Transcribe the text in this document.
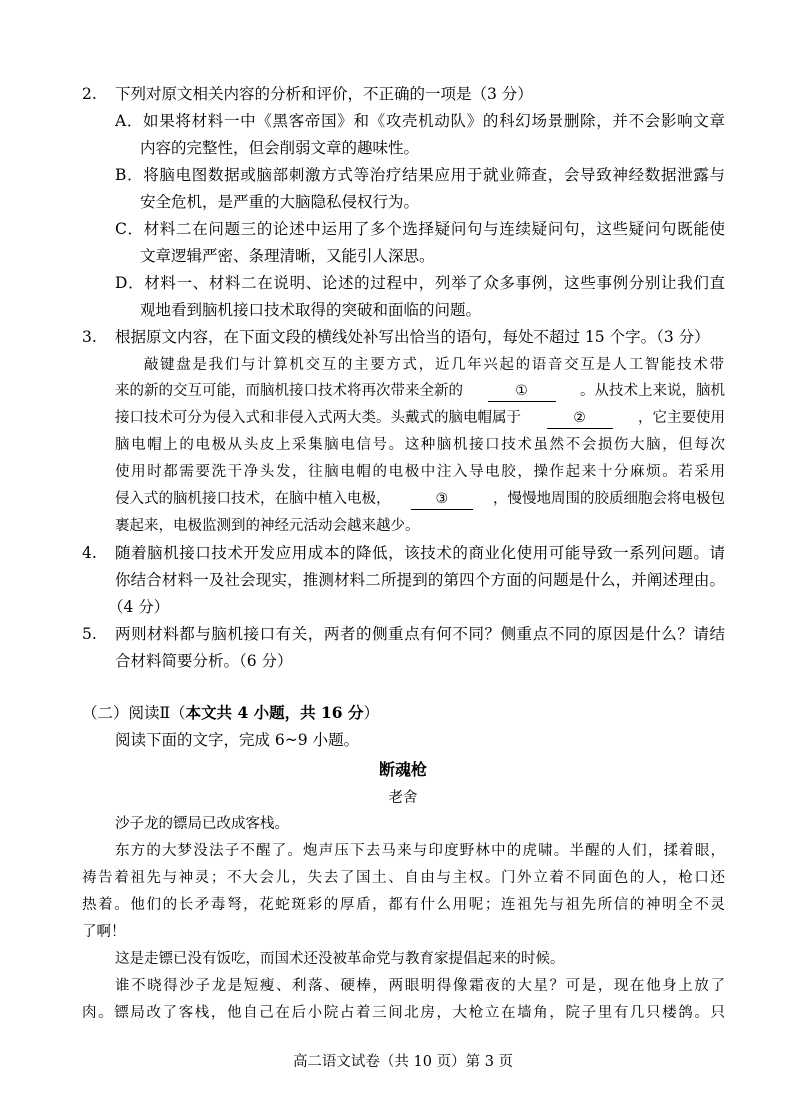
2. 下列对原文相关内容的分析和评价，不正确的一项是（3 分）
A．如果将材料一中《黑客帝国》和《攻壳机动队》的科幻场景删除，并不会影响文章
内容的完整性，但会削弱文章的趣味性。
B．将脑电图数据或脑部刺激方式等治疗结果应用于就业筛查，会导致神经数据泄露与
安全危机，是严重的大脑隐私侵权行为。
C．材料二在问题三的论述中运用了多个选择疑问句与连续疑问句，这些疑问句既能使
文章逻辑严密、条理清晰，又能引人深思。
D．材料一、材料二在说明、论述的过程中，列举了众多事例，这些事例分别让我们直
观地看到脑机接口技术取得的突破和面临的问题。
3. 根据原文内容，在下面文段的横线处补写出恰当的语句，每处不超过 15 个字。（3 分）
敲键盘是我们与计算机交互的主要方式，近几年兴起的语音交互是人工智能技术带
来的新的交互可能，而脑机接口技术将再次带来全新的	①	。从技术上来说，脑机
接口技术可分为侵入式和非侵入式两大类。头戴式的脑电帽属于	②	，它主要使用
脑电帽上的电极从头皮上采集脑电信号。这种脑机接口技术虽然不会损伤大脑，但每次
使用时都需要洗干净头发，往脑电帽的电极中注入导电胶，操作起来十分麻烦。若采用
侵入式的脑机接口技术，在脑中植入电极，	③	，慢慢地周围的胶质细胞会将电极包
裹起来，电极监测到的神经元活动会越来越少。
4. 随着脑机接口技术开发应用成本的降低，该技术的商业化使用可能导致一系列问题。请
你结合材料一及社会现实，推测材料二所提到的第四个方面的问题是什么，并阐述理由。
（4 分）
5. 两则材料都与脑机接口有关，两者的侧重点有何不同？侧重点不同的原因是什么？请结
合材料简要分析。（6 分）
（二）阅读Ⅱ（本文共 4 小题，共 16 分）
阅读下面的文字，完成 6~9 小题。
断魂枪
老舍
沙子龙的镖局已改成客栈。
东方的大梦没法子不醒了。炮声压下去马来与印度野林中的虎啸。半醒的人们，揉着眼，
祷告着祖先与神灵；不大会儿，失去了国土、自由与主权。门外立着不同面色的人，枪口还
热着。他们的长矛毒弩，花蛇斑彩的厚盾，都有什么用呢；连祖先与祖先所信的神明全不灵
了啊！
这是走镖已没有饭吃，而国术还没被革命党与教育家提倡起来的时候。
谁不晓得沙子龙是短瘦、利落、硬棒，两眼明得像霜夜的大星？可是，现在他身上放了
肉。镖局改了客栈，他自己在后小院占着三间北房，大枪立在墙角，院子里有几只楼鸽。只
高二语文试卷（共 10 页）第 3 页
